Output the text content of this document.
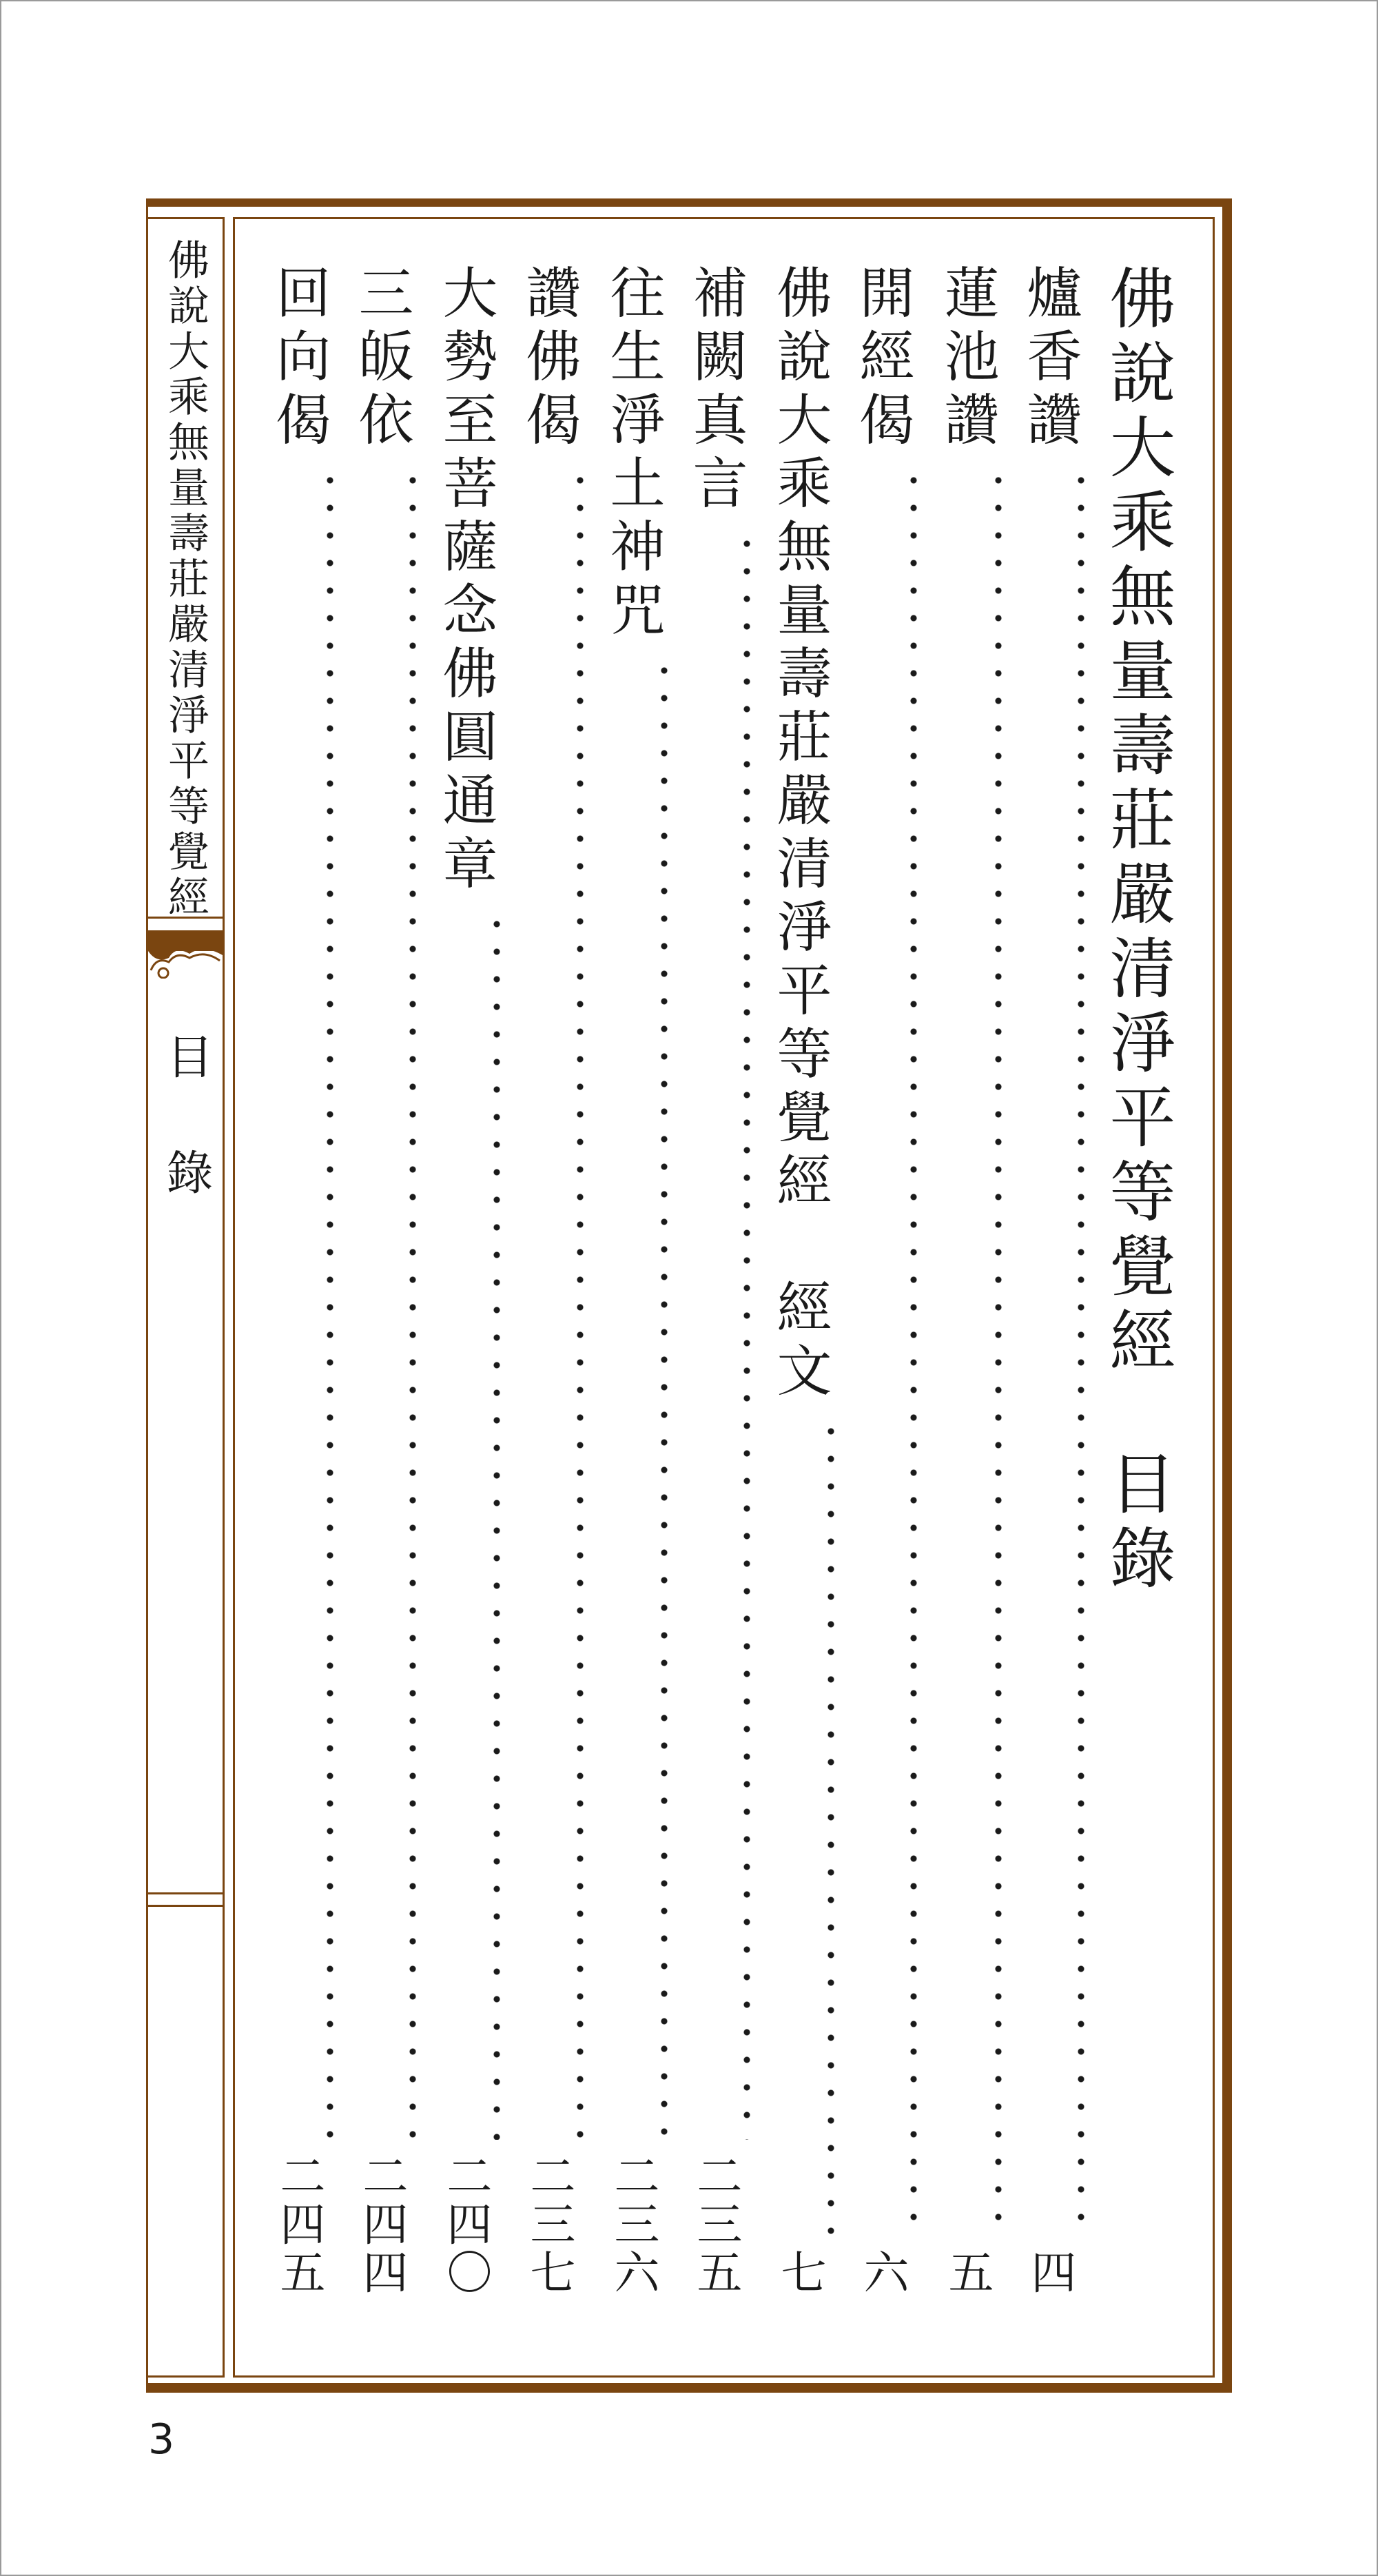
佛說大乘無量壽莊嚴清淨平等覺經
目錄	佛說大乘無量壽莊嚴清淨平等覺經
目錄
爐香讚
四
蓮池讚
五
開經偈
六
佛說大乘無量壽莊嚴清淨平等覺經　經文
七
補闕真言
二三五
往生淨土神咒
二三六
讚佛偈
二三七
大勢至菩薩念佛圓通章
二四〇
三皈依
二四四
回向偈
二四五
3
